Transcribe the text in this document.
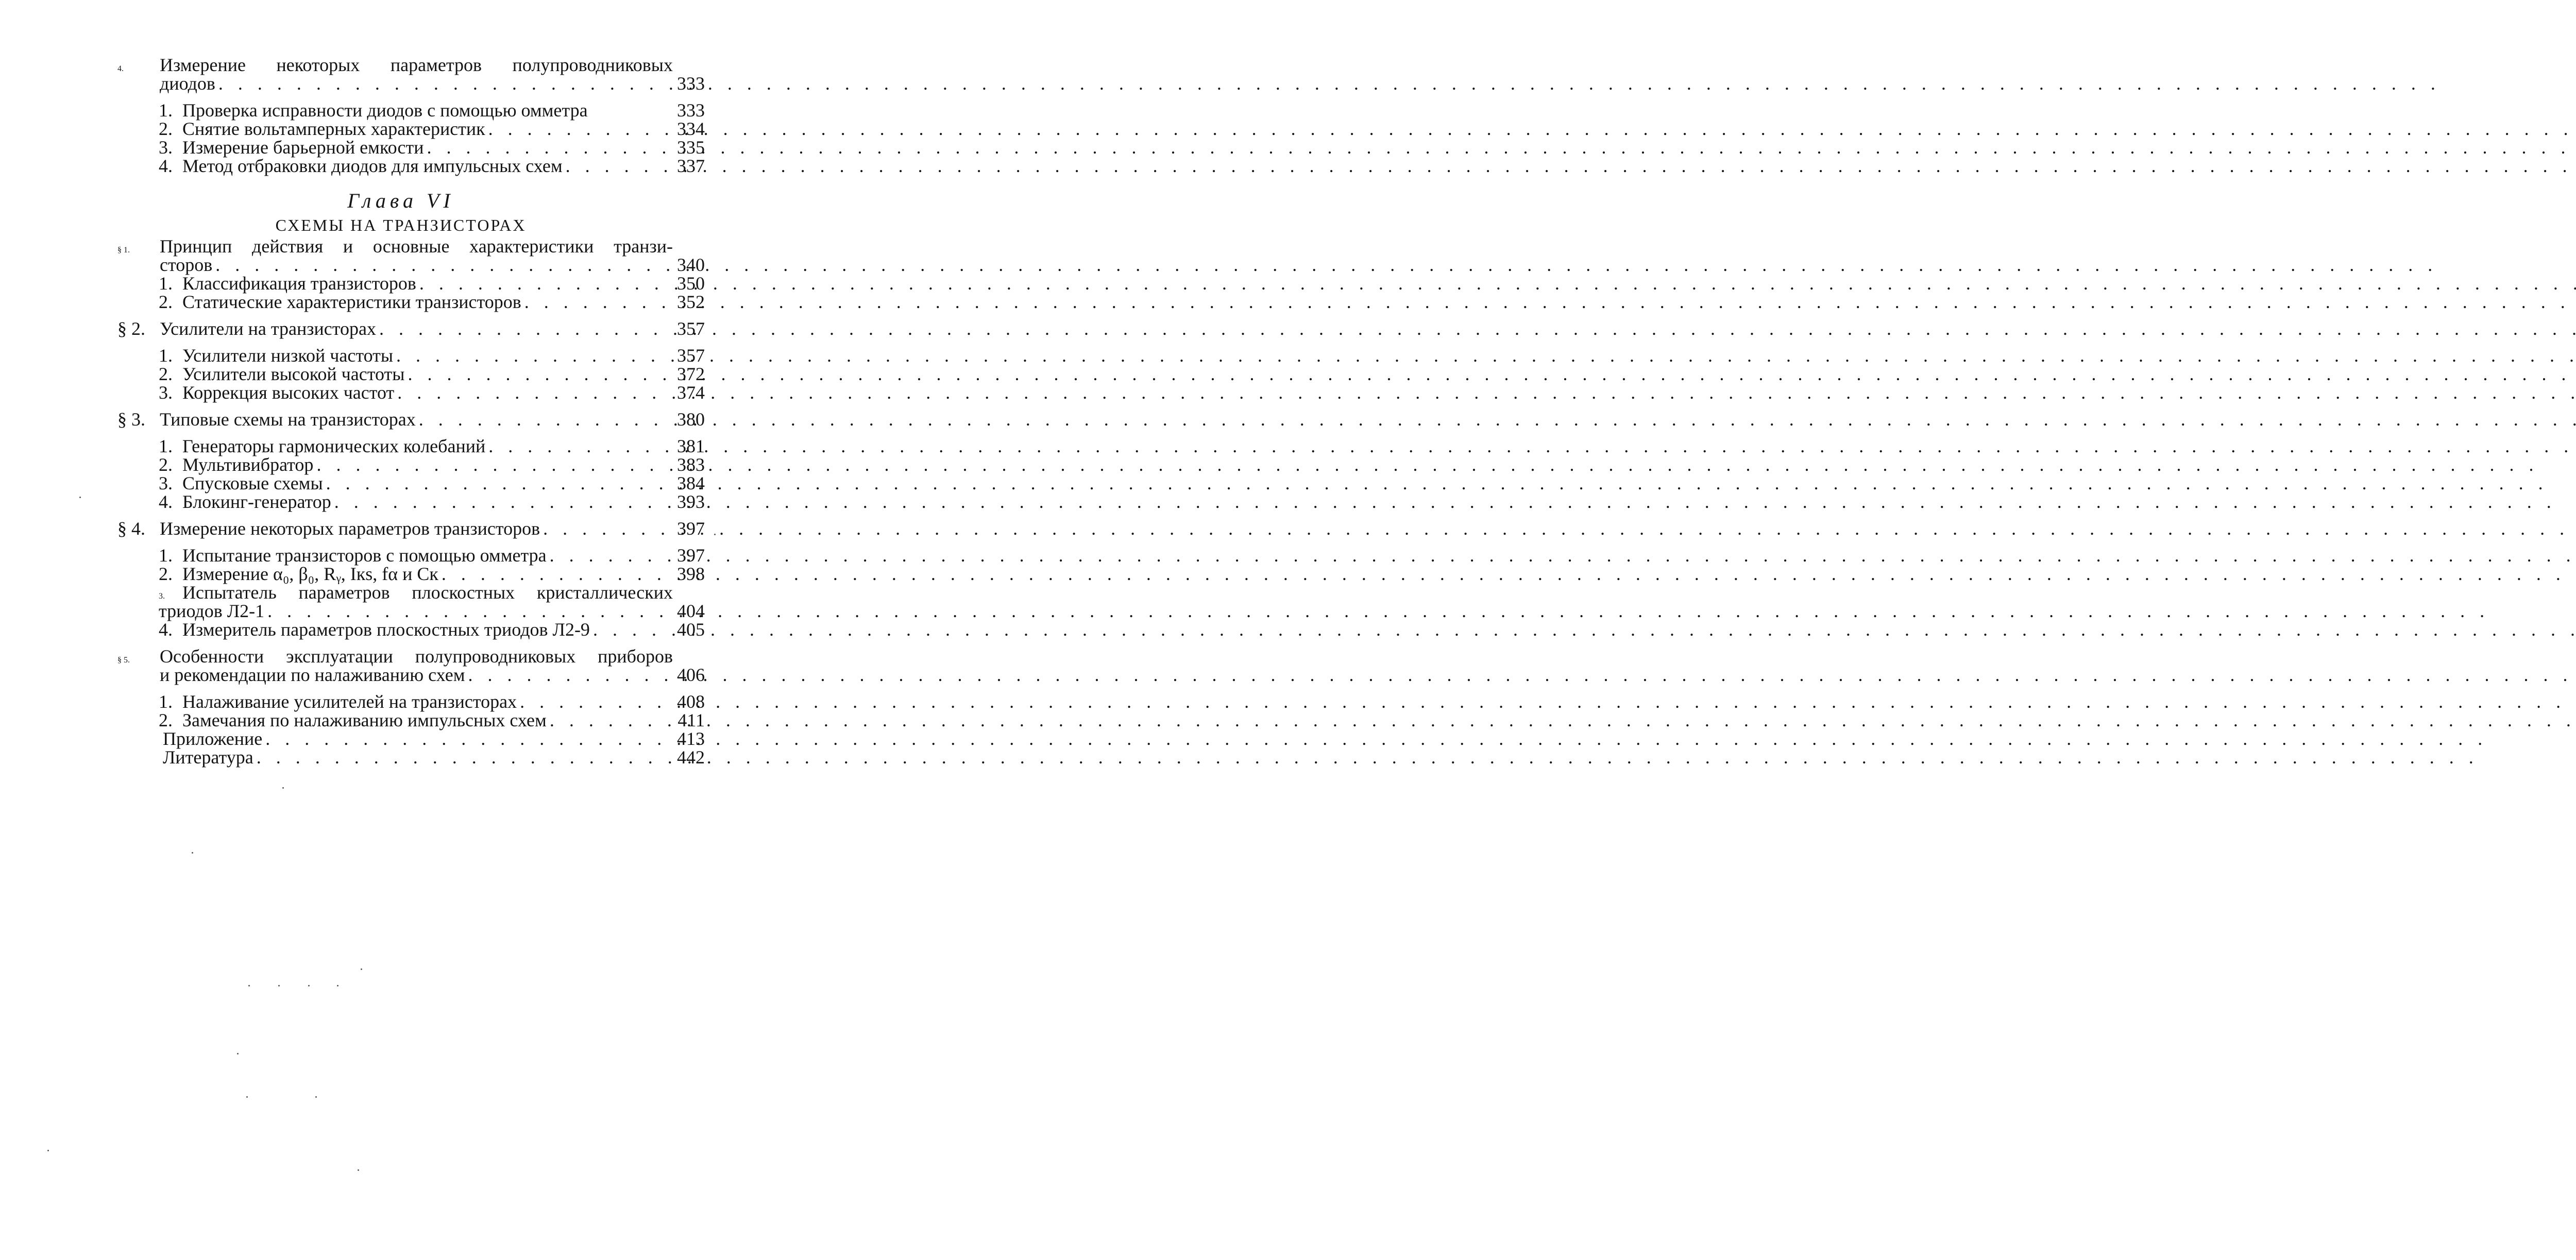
4.	Измерение некоторых параметров полупроводниковых
диодов . . .	333
1. Проверка исправности диодов с помощью омметра	333
2. Снятие вольтамперных характеристик . . .	334
3. Измерение барьерной емкости . . .	335
4. Метод отбраковки диодов для импульсных схем . . .	337
Глава VI
СХЕМЫ НА ТРАНЗИСТОРАХ
§ 1.	Принцип действия и основные характеристики транзи-
сторов . . .	340
1. Классификация транзисторов . . .	350
2. Статические характеристики транзисторов . . .	352
§ 2. Усилители на транзисторах . . .	357
1. Усилители низкой частоты . . .	357
2. Усилители высокой частоты . . .	372
3. Коррекция высоких частот . . .	374
§ 3. Типовые схемы на транзисторах . . .	380
1. Генераторы гармонических колебаний . . .	381
2. Мультивибратор . . .	383
3. Спусковые схемы . . .	384
4. Блокинг-генератор . . .	393
§ 4. Измерение некоторых параметров транзисторов . . .	397
1. Испытание транзисторов с помощью омметра . . .	397
2. Измерение α₀, β₀, Rᵧ, Iкs, fα и Cк . . .	398
3. Испытатель параметров плоскостных кристаллических
триодов Л2-1 . . .	404
4. Измеритель параметров плоскостных триодов Л2-9 . . .	405
§ 5.	Особенности эксплуатации полупроводниковых приборов
и рекомендации по налаживанию схем . . .	406
1. Налаживание усилителей на транзисторах . . .	408
2. Замечания по налаживанию импульсных схем . . .	411
Приложение . . .	413
Литература . . .	442
